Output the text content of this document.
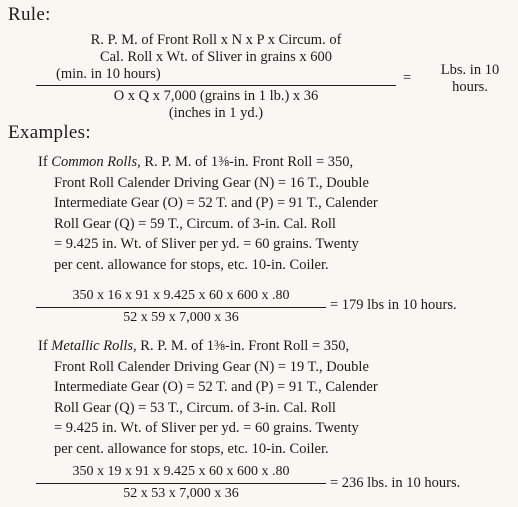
Rule:
R. P. M. of Front Roll x N x P x Circum. of
Cal. Roll x Wt. of Sliver in grains x 600
(min. in 10 hours)
O x Q x 7,000 (grains in 1 lb.) x 36
(inches in 1 yd.)
=	Lbs. in 10
hours.
Examples:
If Common Rolls, R. P. M. of 1⅜-in. Front Roll = 350,
Front Roll Calender Driving Gear (N) = 16 T., Double
Intermediate Gear (O) = 52 T. and (P) = 91 T., Calender
Roll Gear (Q) = 59 T., Circum. of 3-in. Cal. Roll
= 9.425 in. Wt. of Sliver per yd. = 60 grains. Twenty
per cent. allowance for stops, etc. 10-in. Coiler.
350 x 16 x 91 x 9.425 x 60 x 600 x .80
52 x 59 x 7,000 x 36
= 179 lbs in 10 hours.
If Metallic Rolls, R. P. M. of 1⅜-in. Front Roll = 350,
Front Roll Calender Driving Gear (N) = 19 T., Double
Intermediate Gear (O) = 52 T. and (P) = 91 T., Calender
Roll Gear (Q) = 53 T., Circum. of 3-in. Cal. Roll
= 9.425 in. Wt. of Sliver per yd. = 60 grains. Twenty
per cent. allowance for stops, etc. 10-in. Coiler.
350 x 19 x 91 x 9.425 x 60 x 600 x .80
52 x 53 x 7,000 x 36
= 236 lbs. in 10 hours.
